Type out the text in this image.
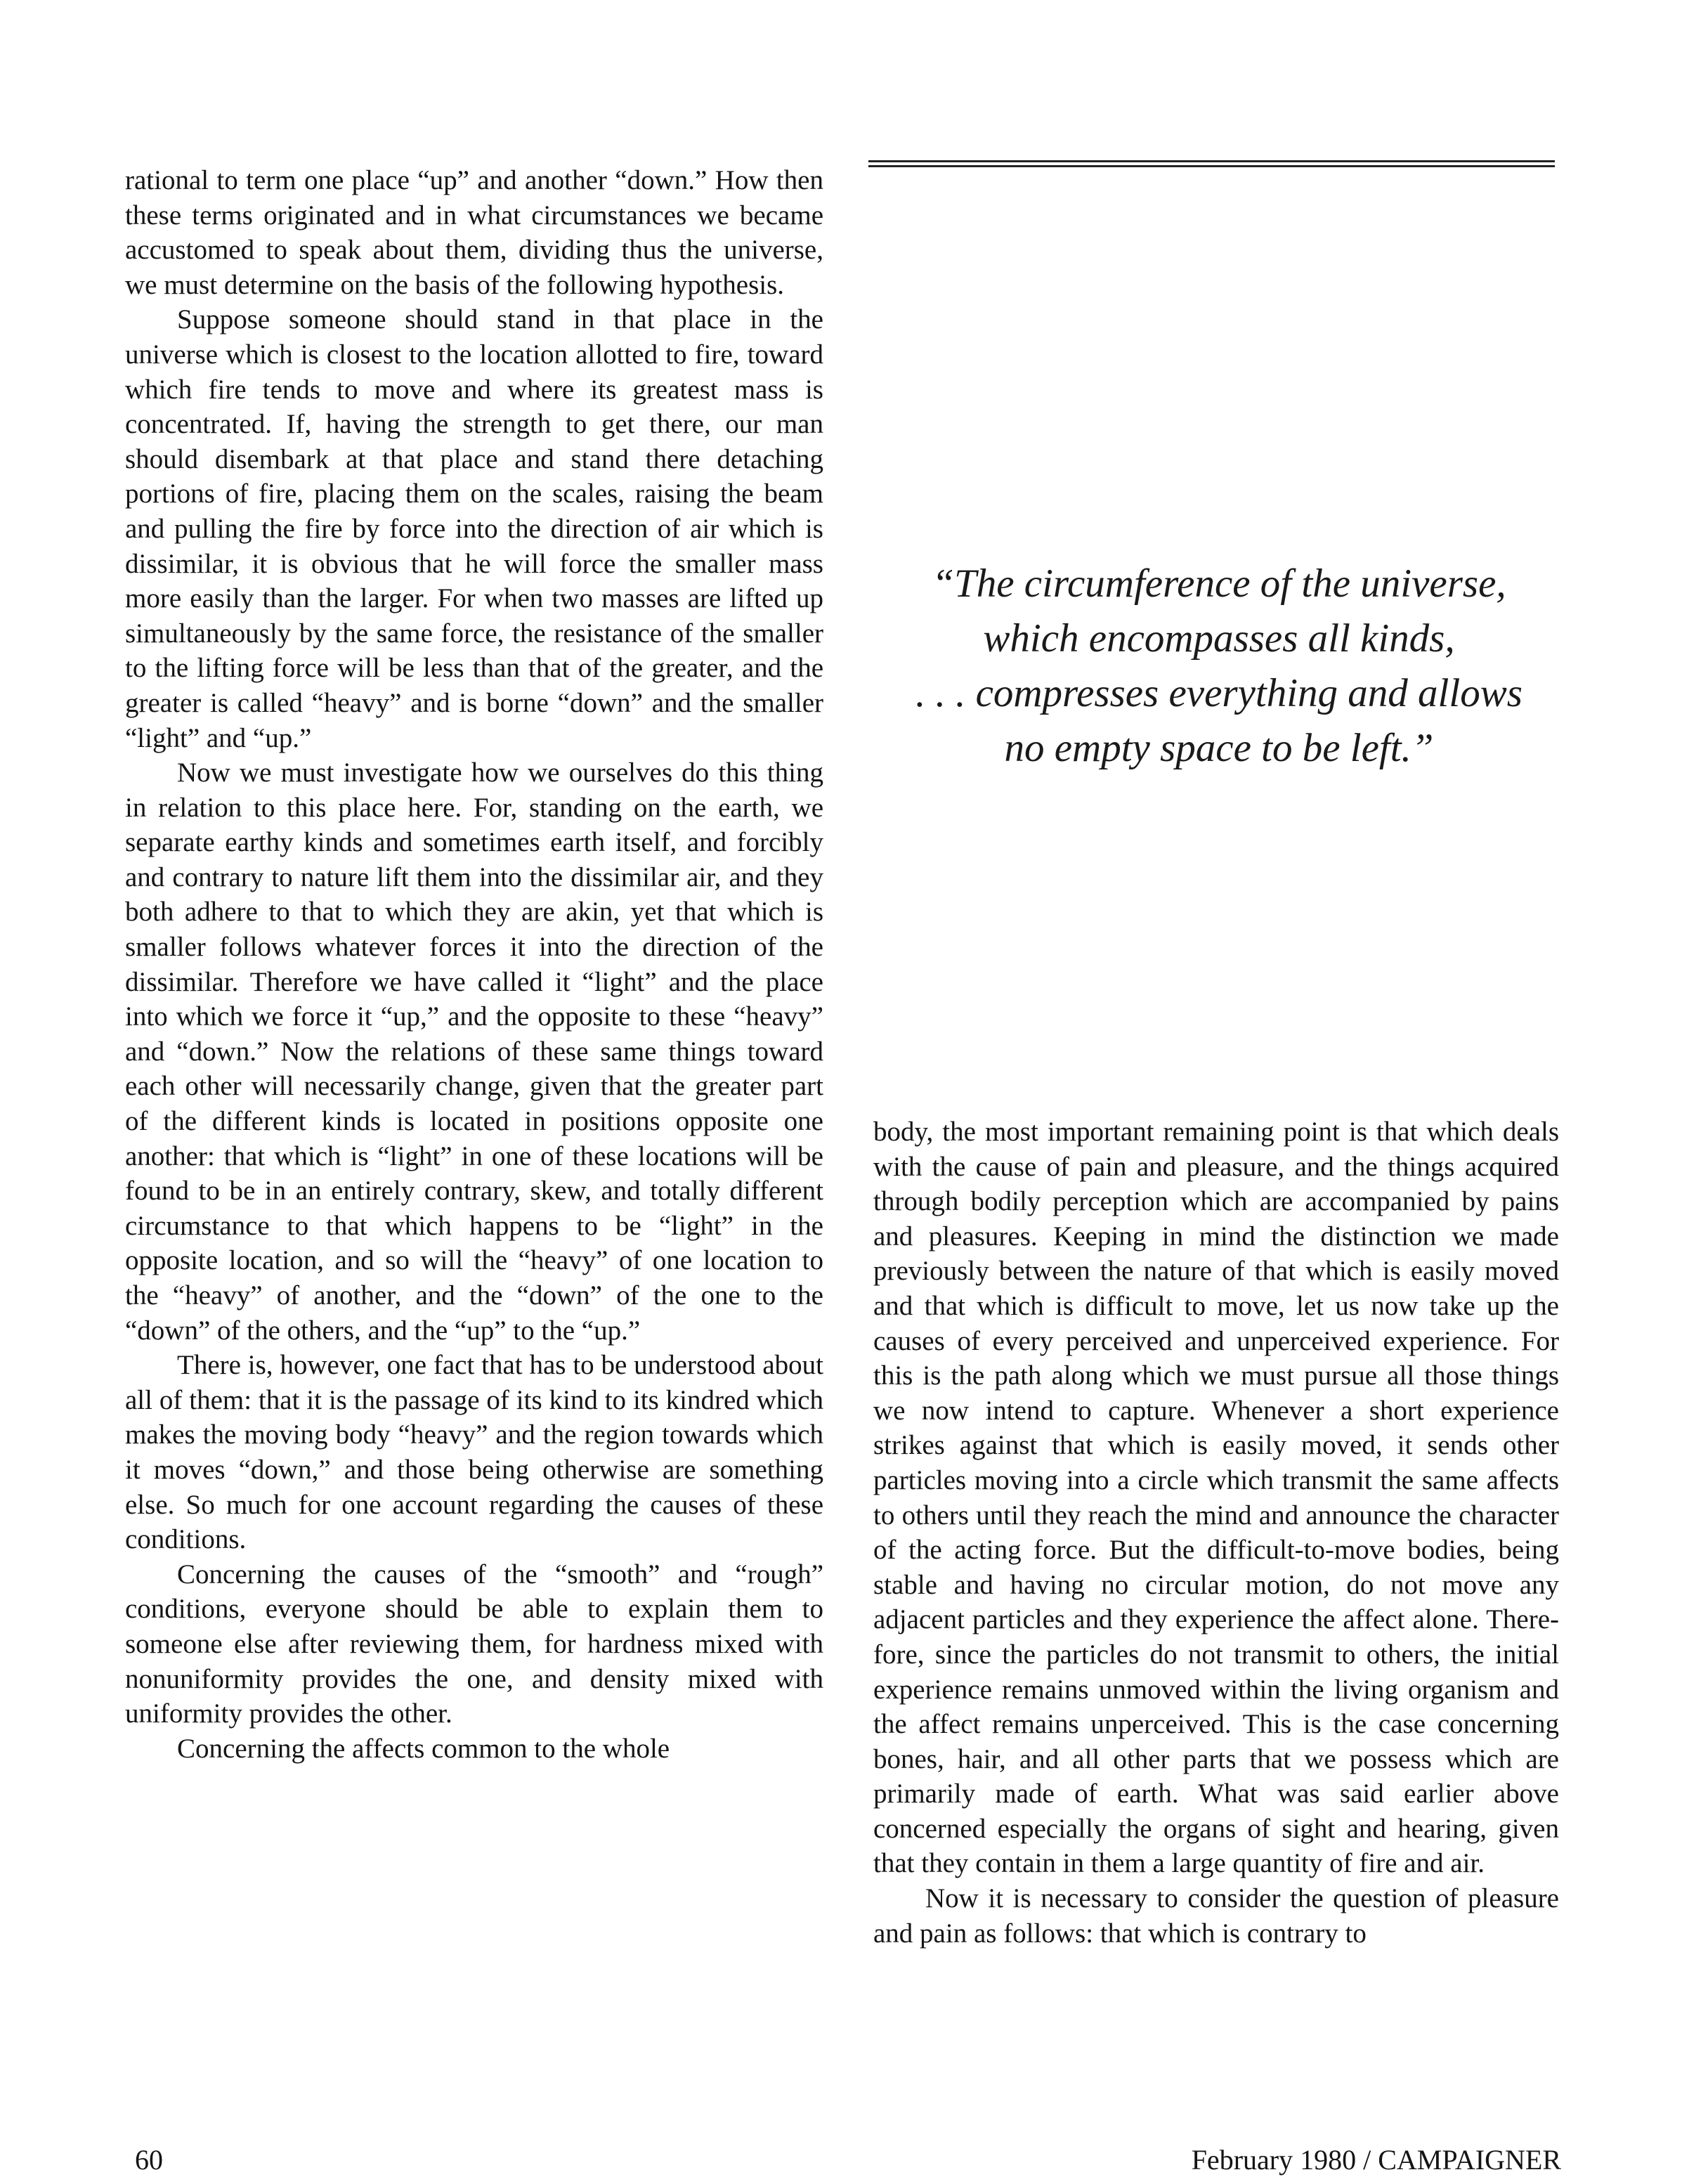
rational to term one place “up” and another “down.” How then these terms originated and in what circumstances we became accustomed to speak about them, dividing thus the universe, we must determine on the basis of the following hypothesis.

Suppose someone should stand in that place in the universe which is closest to the location allotted to fire, toward which fire tends to move and where its greatest mass is concentrated. If, having the strength to get there, our man should disembark at that place and stand there detaching portions of fire, placing them on the scales, raising the beam and pulling the fire by force into the direction of air which is dissimilar, it is obvious that he will force the smaller mass more easily than the larger. For when two masses are lifted up simultaneously by the same force, the resistance of the smaller to the lifting force will be less than that of the greater, and the greater is called “heavy” and is borne “down” and the smaller “light” and “up.”

Now we must investigate how we ourselves do this thing in relation to this place here. For, standing on the earth, we separate earthy kinds and sometimes earth itself, and forcibly and contrary to nature lift them into the dissimilar air, and they both adhere to that to which they are akin, yet that which is smaller follows whatever forces it into the direction of the dissimilar. Therefore we have called it “light” and the place into which we force it “up,” and the opposite to these “heavy” and “down.” Now the relations of these same things toward each other will necessarily change, given that the greater part of the different kinds is located in positions opposite one another: that which is “light” in one of these locations will be found to be in an entirely contrary, skew, and totally different circumstance to that which happens to be “light” in the opposite location, and so will the “heavy” of one location to the “heavy” of another, and the “down” of the one to the “down” of the others, and the “up” to the “up.”

There is, however, one fact that has to be understood about all of them: that it is the passage of its kind to its kindred which makes the moving body “heavy” and the region towards which it moves “down,” and those being otherwise are something else. So much for one account regarding the causes of these conditions.

Concerning the causes of the “smooth” and “rough” conditions, everyone should be able to explain them to someone else after reviewing them, for hardness mixed with nonuniformity provides the one, and density mixed with uniformity provides the other.

Concerning the affects common to the whole

“The circumference of the universe,

which encompasses all kinds,

. . . compresses everything and allows

no empty space to be left.”

body, the most important remaining point is that which deals with the cause of pain and pleasure, and the things acquired through bodily perception which are accompanied by pains and pleasures. Keeping in mind the distinction we made previously between the nature of that which is easily moved and that which is difficult to move, let us now take up the causes of every perceived and unperceived experience. For this is the path along which we must pursue all those things we now intend to capture. Whenever a short experience strikes against that which is easily moved, it sends other particles moving into a circle which transmit the same affects to others until they reach the mind and announce the character of the acting force. But the difficult-to-move bodies, being stable and having no circular motion, do not move any adjacent particles and they experience the affect alone. Therefore, since the particles do not transmit to others, the initial experience remains unmoved within the living organism and the affect remains unperceived. This is the case concerning bones, hair, and all other parts that we possess which are primarily made of earth. What was said earlier above concerned especially the organs of sight and hearing, given that they contain in them a large quantity of fire and air.

Now it is necessary to consider the question of pleasure and pain as follows: that which is contrary to

60	February 1980 / CAMPAIGNER
